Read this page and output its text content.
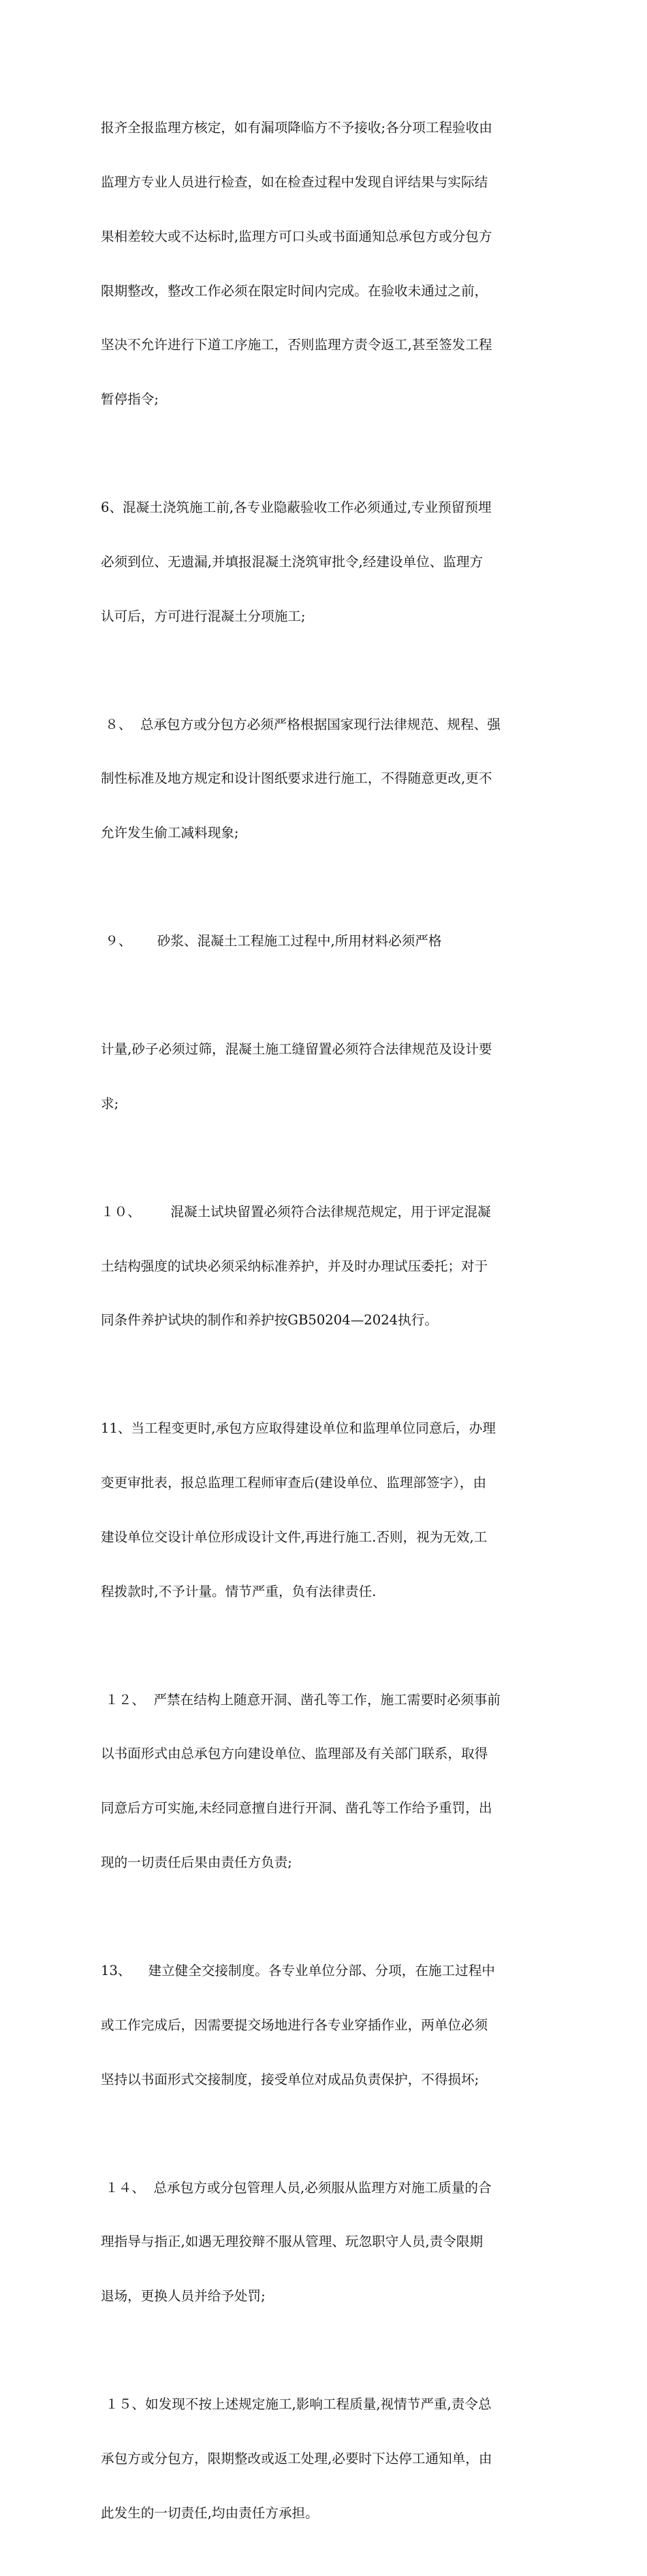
报齐全报监理方核定，如有漏项降临方不予接收;各分项工程验收由

监理方专业人员进行检查，如在检查过程中发现自评结果与实际结

果相差较大或不达标时,监理方可口头或书面通知总承包方或分包方

限期整改，整改工作必须在限定时间内完成。在验收未通过之前，

坚决不允许进行下道工序施工，否则监理方责令返工,甚至签发工程

暂停指令;

6、混凝土浇筑施工前,各专业隐蔽验收工作必须通过,专业预留预埋

必须到位、无遗漏,并填报混凝土浇筑审批令,经建设单位、监理方

认可后，方可进行混凝土分项施工;

８、  总承包方或分包方必须严格根据国家现行法律规范、规程、强

制性标准及地方规定和设计图纸要求进行施工，不得随意更改,更不

允许发生偷工减料现象;

９、      砂浆、混凝土工程施工过程中,所用材料必须严格

计量,砂子必须过筛，混凝土施工缝留置必须符合法律规范及设计要

求;

１０、       混凝土试块留置必须符合法律规范规定，用于评定混凝

土结构强度的试块必须采纳标准养护，并及时办理试压委托；对于

同条件养护试块的制作和养护按GB50204—2024执行。

11、当工程变更时,承包方应取得建设单位和监理单位同意后，办理

变更审批表，报总监理工程师审查后(建设单位、监理部签字），由

建设单位交设计单位形成设计文件,再进行施工.否则，视为无效,工

程拨款时,不予计量。情节严重，负有法律责任.

１２、  严禁在结构上随意开洞、凿孔等工作，施工需要时必须事前

以书面形式由总承包方向建设单位、监理部及有关部门联系，取得

同意后方可实施,未经同意擅自进行开洞、凿孔等工作给予重罚，出

现的一切责任后果由责任方负责;

13、    建立健全交接制度。各专业单位分部、分项，在施工过程中

或工作完成后，因需要提交场地进行各专业穿插作业，两单位必须

坚持以书面形式交接制度，接受单位对成品负责保护，不得损坏;

１４、  总承包方或分包管理人员,必须服从监理方对施工质量的合

理指导与指正,如遇无理狡辩不服从管理、玩忽职守人员,责令限期

退场，更换人员并给予处罚;

１５、如发现不按上述规定施工,影响工程质量,视情节严重,责令总

承包方或分包方，限期整改或返工处理,必要时下达停工通知单，由

此发生的一切责任,均由责任方承担。
